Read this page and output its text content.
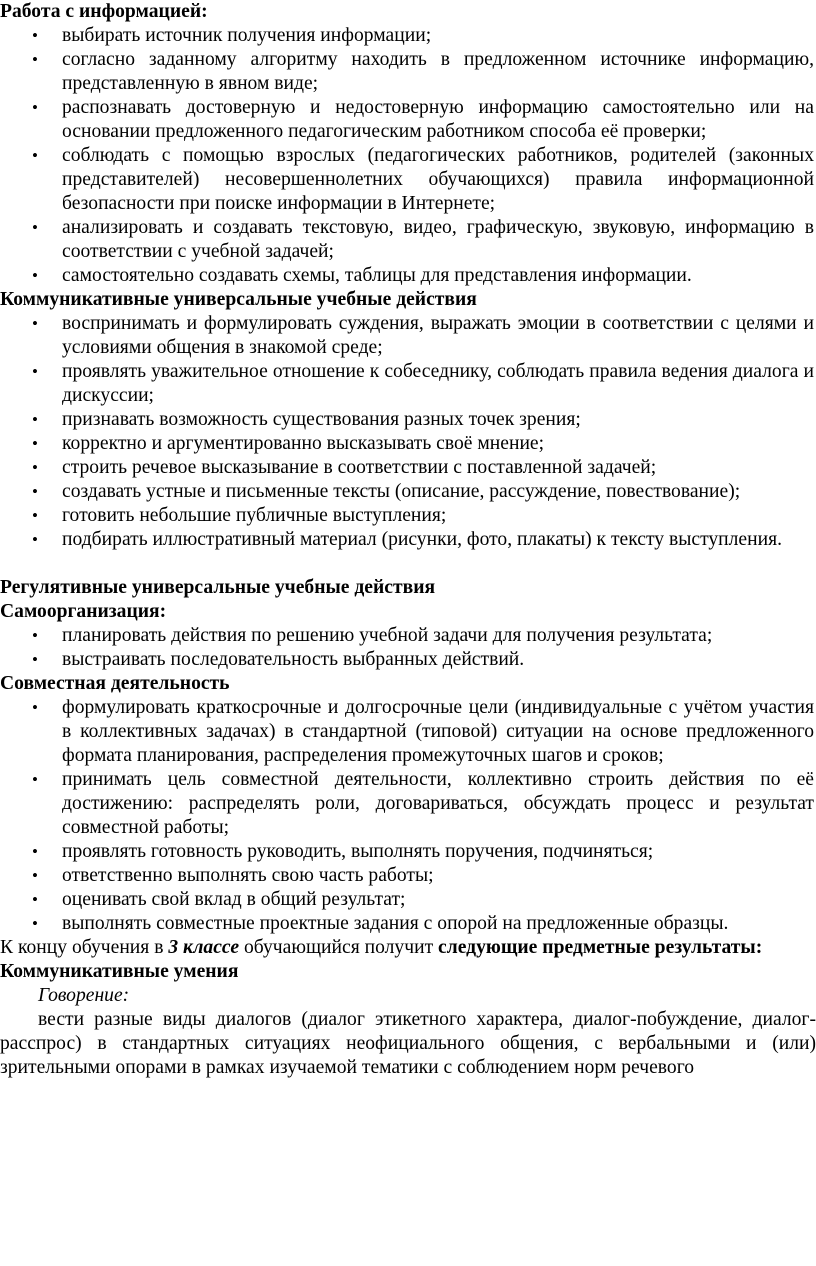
Работа с информацией:

• выбирать источник получения информации;
• согласно заданному алгоритму находить в предложенном источнике информацию, представленную в явном виде;
• распознавать достоверную и недостоверную информацию самостоятельно или на основании предложенного педагогическим работником способа её проверки;
• соблюдать с помощью взрослых (педагогических работников, родителей (законных представителей) несовершеннолетних обучающихся) правила информационной безопасности при поиске информации в Интернете;
• анализировать и создавать текстовую, видео, графическую, звуковую, информацию в соответствии с учебной задачей;
• самостоятельно создавать схемы, таблицы для представления информации.

Коммуникативные универсальные учебные действия

• воспринимать и формулировать суждения, выражать эмоции в соответствии с целями и условиями общения в знакомой среде;
• проявлять уважительное отношение к собеседнику, соблюдать правила ведения диалога и дискуссии;
• признавать возможность существования разных точек зрения;
• корректно и аргументированно высказывать своё мнение;
• строить речевое высказывание в соответствии с поставленной задачей;
• создавать устные и письменные тексты (описание, рассуждение, повествование);
• готовить небольшие публичные выступления;
• подбирать иллюстративный материал (рисунки, фото, плакаты) к тексту выступления.

Регулятивные универсальные учебные действия

Самоорганизация:

• планировать действия по решению учебной задачи для получения результата;
• выстраивать последовательность выбранных действий.

Совместная деятельность

• формулировать краткосрочные и долгосрочные цели (индивидуальные с учётом участия в коллективных задачах) в стандартной (типовой) ситуации на основе предложенного формата планирования, распределения промежуточных шагов и сроков;
• принимать цель совместной деятельности, коллективно строить действия по её достижению: распределять роли, договариваться, обсуждать процесс и результат совместной работы;
• проявлять готовность руководить, выполнять поручения, подчиняться;
• ответственно выполнять свою часть работы;
• оценивать свой вклад в общий результат;
• выполнять совместные проектные задания с опорой на предложенные образцы.

К концу обучения в 3 классе обучающийся получит следующие предметные результаты:

Коммуникативные умения

Говорение:

вести разные виды диалогов (диалог этикетного характера, диалог-побуждение, диалог-расспрос) в стандартных ситуациях неофициального общения, с вербальными и (или) зрительными опорами в рамках изучаемой тематики с соблюдением норм речевого
